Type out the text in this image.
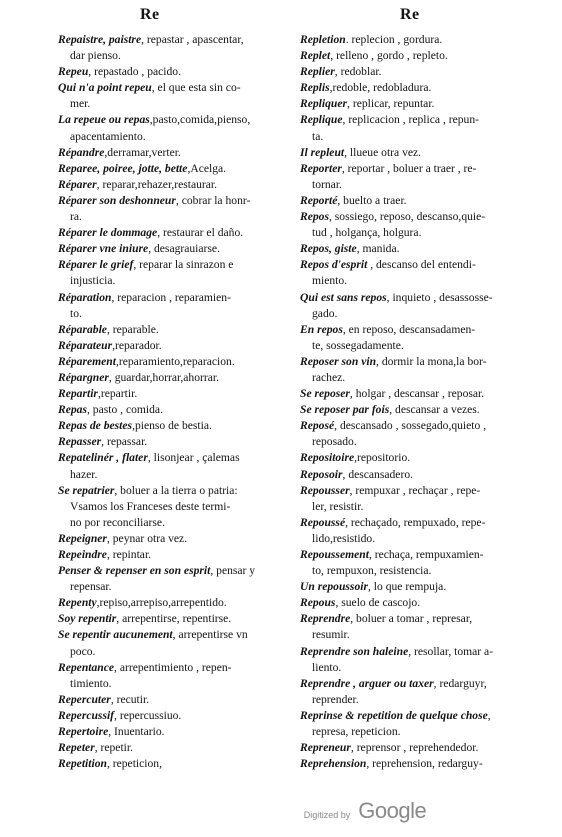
Re	Re

Repaistre, paistre, repastar , apascentar,

dar pienso.

Repeu, repastado , pacido.

Qui n'a point repeu, el que esta sin co-

mer.

La repeue ou repas,pasto,comida,pienso,

apacentamiento.

Répandre,derramar,verter.

Reparee, poiree, jotte, bette,Acelga.

Réparer, reparar,rehazer,restaurar.

Réparer son deshonneur, cobrar la honr-

ra.

Réparer le dommage, restaurar el daño.

Réparer vne iniure, desagrauiarse.

Réparer le grief, reparar la sinrazon e

injusticia.

Réparation, reparacion , reparamien-

to.

Réparable, reparable.

Réparateur,reparador.

Réparement,reparamiento,reparacion.

Répargner, guardar,horrar,ahorrar.

Repartir,repartir.

Repas, pasto , comida.

Repas de bestes,pienso de bestia.

Repasser, repassar.

Repatelinér , flater, lisonjear , çalemas

hazer.

Se repatrier, boluer a la tierra o patria:

Vsamos los Franceses deste termi-

no por reconciliarse.

Repeigner, peynar otra vez.

Repeindre, repintar.

Penser & repenser en son esprit, pensar y

repensar.

Repenty,repiso,arrepiso,arrepentido.

Soy repentir, arrepentirse, repentirse.

Se repentir aucunement, arrepentirse vn

poco.

Repentance, arrepentimiento , repen-

timiento.

Repercuter, recutir.

Repercussif, repercussiuo.

Repertoire, Inuentario.

Repeter, repetir.

Repetition, repeticion,

Repletion. replecion , gordura.

Replet, relleno , gordo , repleto.

Replier, redoblar.

Replis,redoble, redobladura.

Repliquer, replicar, repuntar.

Replique, replicacion , replica , repun-

ta.

Il repleut, llueue otra vez.

Reporter, reportar , boluer a traer , re-

tornar.

Reporté, buelto a traer.

Repos, sossiego, reposo, descanso,quie-

tud , holgança, holgura.

Repos, giste, manida.

Repos d'esprit , descanso del entendi-

miento.

Qui est sans repos, inquieto , desassosse-

gado.

En repos, en reposo, descansadamen-

te, sossegadamente.

Reposer son vin, dormir la mona,la bor-

rachez.

Se reposer, holgar , descansar , reposar.

Se reposer par fois, descansar a vezes.

Reposé, descansado , sossegado,quieto ,

reposado.

Repositoire,repositorio.

Reposoir, descansadero.

Repousser, rempuxar , rechaçar , repe-

ler, resistir.

Repoussé, rechaçado, rempuxado, repe-

lido,resistido.

Repoussement, rechaça, rempuxamien-

to, rempuxon, resistencia.

Un repoussoir, lo que rempuja.

Repous, suelo de cascojo.

Reprendre, boluer a tomar , represar,

resumir.

Reprendre son haleine, resollar, tomar a-

liento.

Reprendre , arguer ou taxer, redarguyr,

reprender.

Reprinse & repetition de quelque chose,

represa, repeticion.

Repreneur, reprensor , reprehendedor.

Reprehension, reprehension, redarguy-

Digitized by Google
